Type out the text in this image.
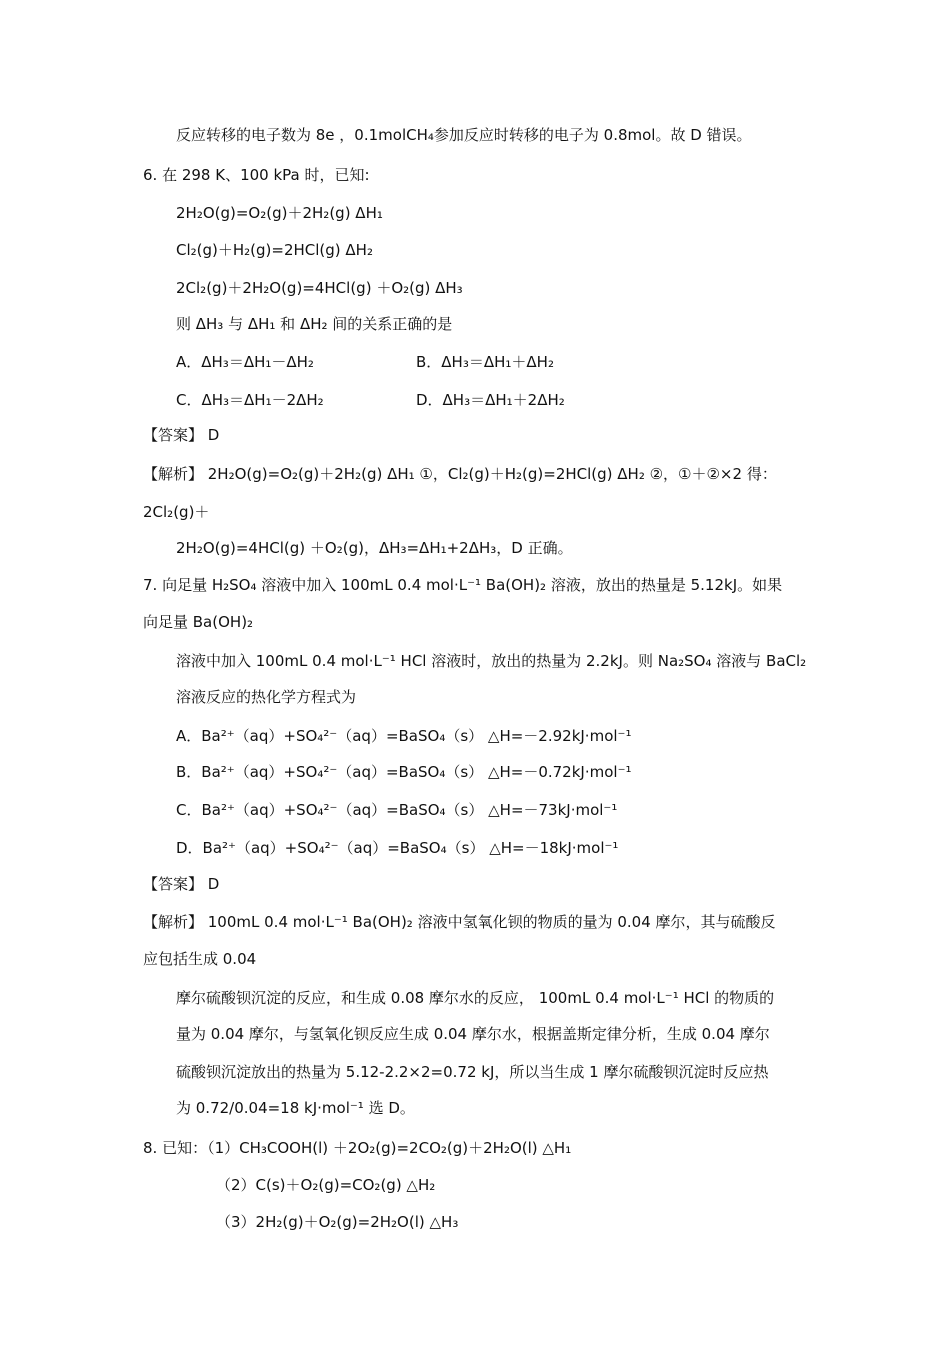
反应转移的电子数为 8e ，0.1molCH₄参加反应时转移的电子为 0.8mol。故 D 错误。
6. 在 298 K、100 kPa 时，已知:
2H₂O(g)=O₂(g)＋2H₂(g) ΔH₁
Cl₂(g)＋H₂(g)=2HCl(g) ΔH₂
2Cl₂(g)＋2H₂O(g)=4HCl(g) ＋O₂(g) ΔH₃
则 ΔH₃ 与 ΔH₁ 和 ΔH₂ 间的关系正确的是
A．ΔH₃＝ΔH₁－ΔH₂	B．ΔH₃＝ΔH₁＋ΔH₂
C．ΔH₃＝ΔH₁－2ΔH₂	D．ΔH₃＝ΔH₁＋2ΔH₂
【答案】 D
【解析】 2H₂O(g)=O₂(g)＋2H₂(g) ΔH₁ ①，Cl₂(g)＋H₂(g)=2HCl(g) ΔH₂ ②，①＋②×2 得：
2Cl₂(g)＋
2H₂O(g)=4HCl(g) ＋O₂(g)，ΔH₃=ΔH₁+2ΔH₃，D 正确。
7. 向足量 H₂SO₄ 溶液中加入 100mL 0.4 mol·L⁻¹ Ba(OH)₂ 溶液，放出的热量是 5.12kJ。如果
向足量 Ba(OH)₂
溶液中加入 100mL 0.4 mol·L⁻¹ HCl 溶液时，放出的热量为 2.2kJ。则 Na₂SO₄ 溶液与 BaCl₂
溶液反应的热化学方程式为
A．Ba²⁺（aq）+SO₄²⁻（aq）=BaSO₄（s） △H=－2.92kJ·mol⁻¹
B．Ba²⁺（aq）+SO₄²⁻（aq）=BaSO₄（s） △H=－0.72kJ·mol⁻¹
C．Ba²⁺（aq）+SO₄²⁻（aq）=BaSO₄（s） △H=－73kJ·mol⁻¹
D．Ba²⁺（aq）+SO₄²⁻（aq）=BaSO₄（s） △H=－18kJ·mol⁻¹
【答案】 D
【解析】 100mL 0.4 mol·L⁻¹ Ba(OH)₂ 溶液中氢氧化钡的物质的量为 0.04 摩尔，其与硫酸反
应包括生成 0.04
摩尔硫酸钡沉淀的反应，和生成 0.08 摩尔水的反应， 100mL 0.4 mol·L⁻¹ HCl 的物质的
量为 0.04 摩尔，与氢氧化钡反应生成 0.04 摩尔水，根据盖斯定律分析，生成 0.04 摩尔
硫酸钡沉淀放出的热量为 5.12-2.2×2=0.72 kJ，所以当生成 1 摩尔硫酸钡沉淀时反应热
为 0.72/0.04=18 kJ·mol⁻¹ 选 D。
8. 已知：（1）CH₃COOH(l) ＋2O₂(g)=2CO₂(g)＋2H₂O(l) △H₁
（2）C(s)＋O₂(g)=CO₂(g) △H₂
（3）2H₂(g)＋O₂(g)=2H₂O(l) △H₃
